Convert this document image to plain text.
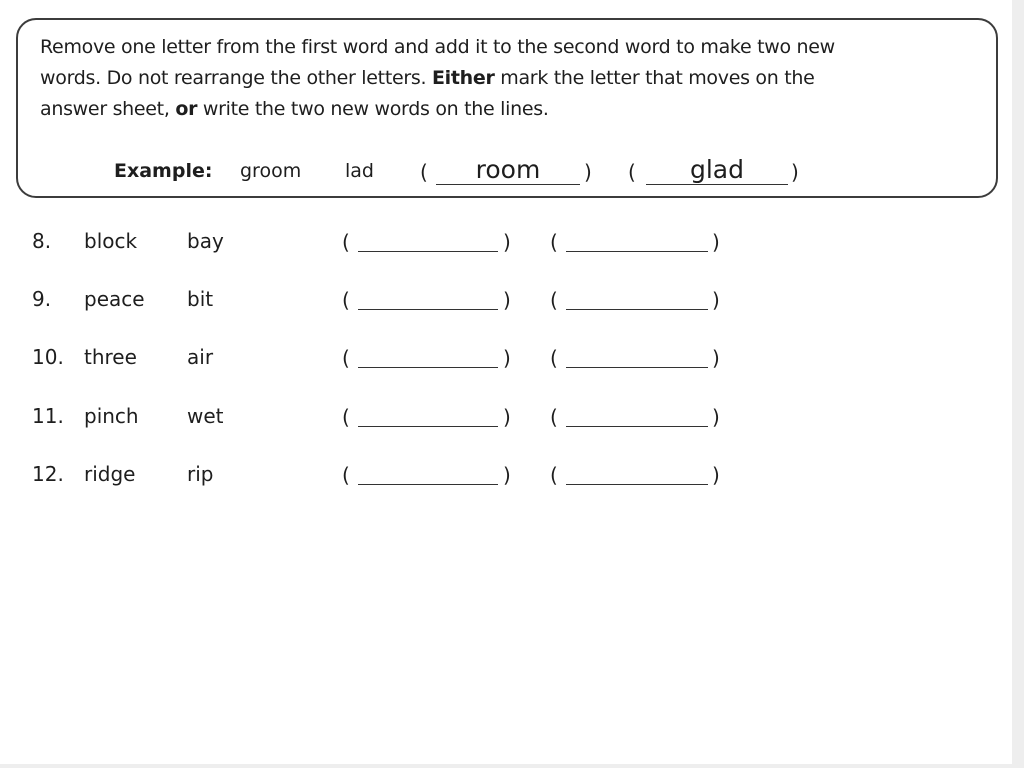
Remove one letter from the first word and add it to the second word to make two new
words. Do not rearrange the other letters. Either mark the letter that moves on the
answer sheet, or write the two new words on the lines.

Example: groom lad (	room	) (	glad	)
8. block bay	(	) (	)
9. peace bit	(	) (	)
10. three	air	(	) (	)
11. pinch wet	(	) (	)
12. ridge	rip	(	) (	)
